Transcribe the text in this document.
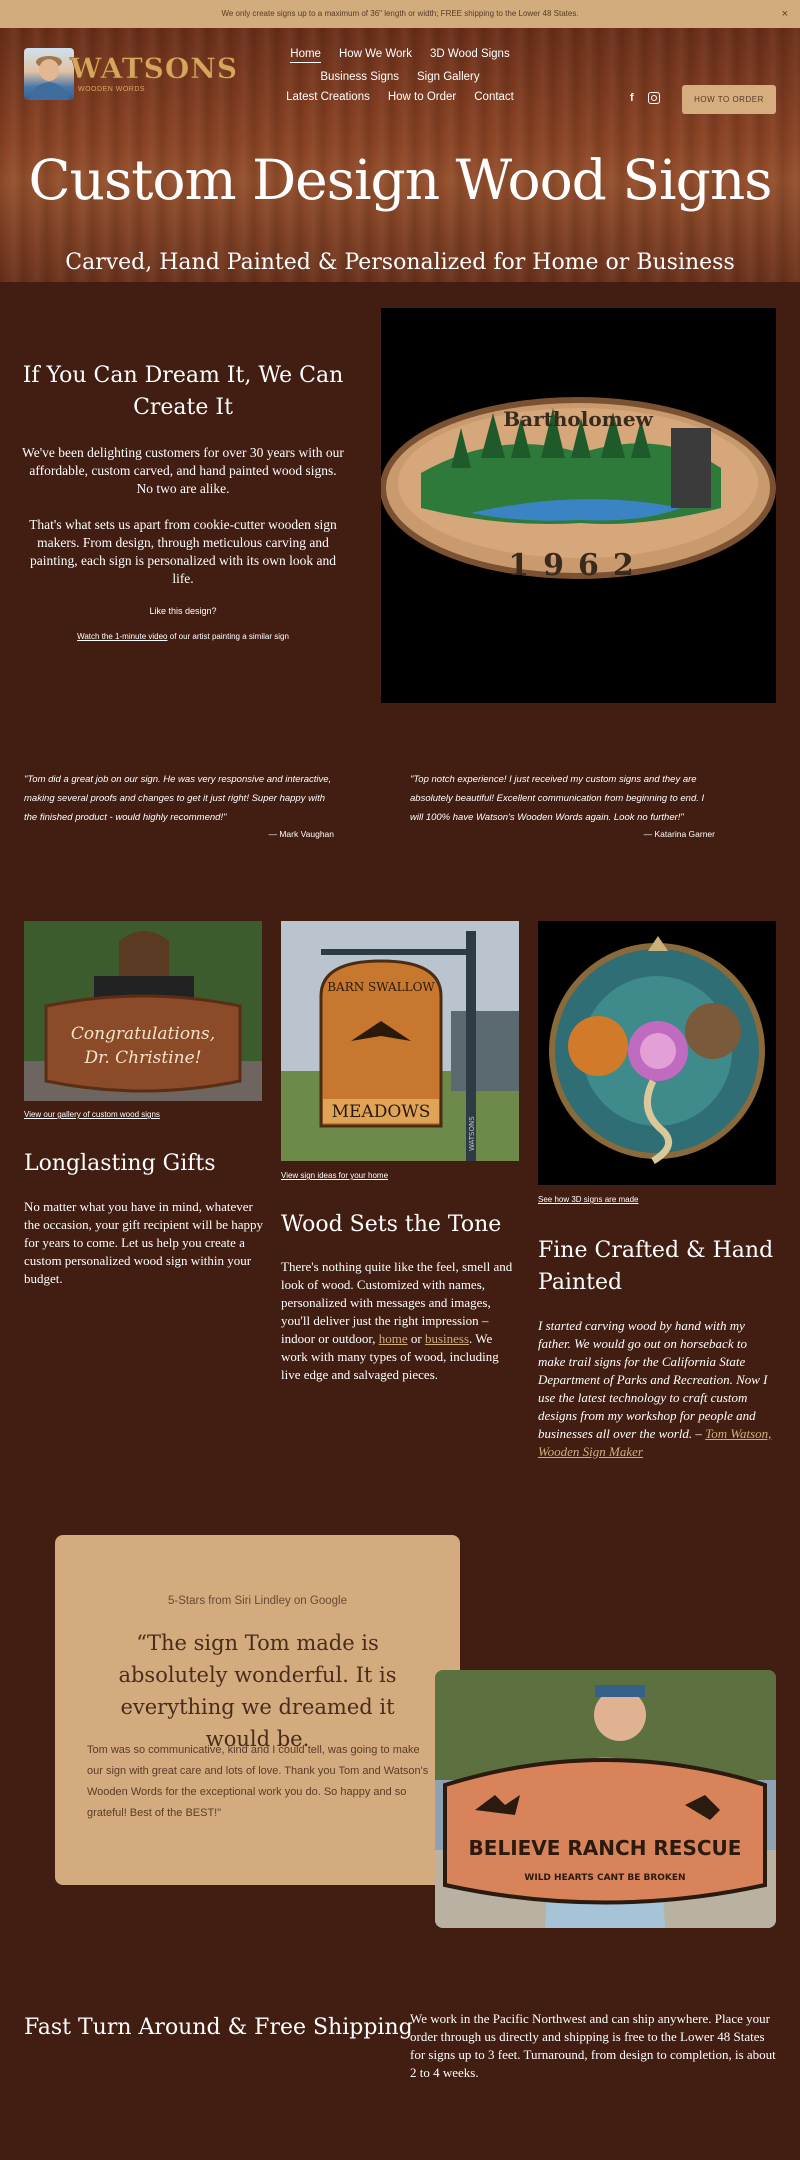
We only create signs up to a maximum of 36" length or width; FREE shipping to the Lower 48 States.	×
WATSONS
WOODEN WORDS
Home How We Work 3D Wood Signs
Business Signs Sign Gallery
Latest Creations How to Order Contact	f	HOW TO ORDER
Custom Design Wood Signs
Carved, Hand Painted & Personalized for Home or Business
If You Can Dream It, We Can Create It

We've been delighting customers for over 30 years with our affordable, custom carved, and hand painted wood signs. No two are alike.

That's what sets us apart from cookie-cutter wooden sign makers. From design, through meticulous carving and painting, each sign is personalized with its own look and life.

Like this design?
Watch the 1-minute video of our artist painting a similar sign
Bartholomew
1962
"Tom did a great job on our sign. He was very responsive and interactive, making several proofs and changes to get it just right! Super happy with the finished product - would highly recommend!"
— Mark Vaughan
"Top notch experience! I just received my custom signs and they are absolutely beautiful! Excellent communication from beginning to end. I will 100% have Watson's Wooden Words again. Look no further!"
— Katarina Garner
Congratulations,
Dr. Christine!
View our gallery of custom wood signs
Longlasting Gifts

No matter what you have in mind, whatever the occasion, your gift recipient will be happy for years to come. Let us help you create a custom personalized wood sign within your budget.

BARN SWALLOW
MEADOWS
WATSONS
View sign ideas for your home
Wood Sets the Tone

There's nothing quite like the feel, smell and look of wood. Customized with names, personalized with messages and images, you'll deliver just the right impression – indoor or outdoor, home or business. We work with many types of wood, including live edge and salvaged pieces.

See how 3D signs are made
Fine Crafted & Hand Painted

I started carving wood by hand with my father. We would go out on horseback to make trail signs for the California State Department of Parks and Recreation. Now I use the latest technology to craft custom designs from my workshop for people and businesses all over the world. – Tom Watson, Wooden Sign Maker

5-Stars from Siri Lindley on Google
“The sign Tom made is absolutely wonderful. It is everything we dreamed it would be.
Tom was so communicative, kind and I could tell, was going to make our sign with great care and lots of love. Thank you Tom and Watson's Wooden Words for the exceptional work you do. So happy and so grateful! Best of the BEST!"
BELIEVE RANCH RESCUE
WILD HEARTS CANT BE BROKEN
Fast Turn Around & Free Shipping

We work in the Pacific Northwest and can ship anywhere. Place your order through us directly and shipping is free to the Lower 48 States for signs up to 3 feet. Turnaround, from design to completion, is about 2 to 4 weeks.
